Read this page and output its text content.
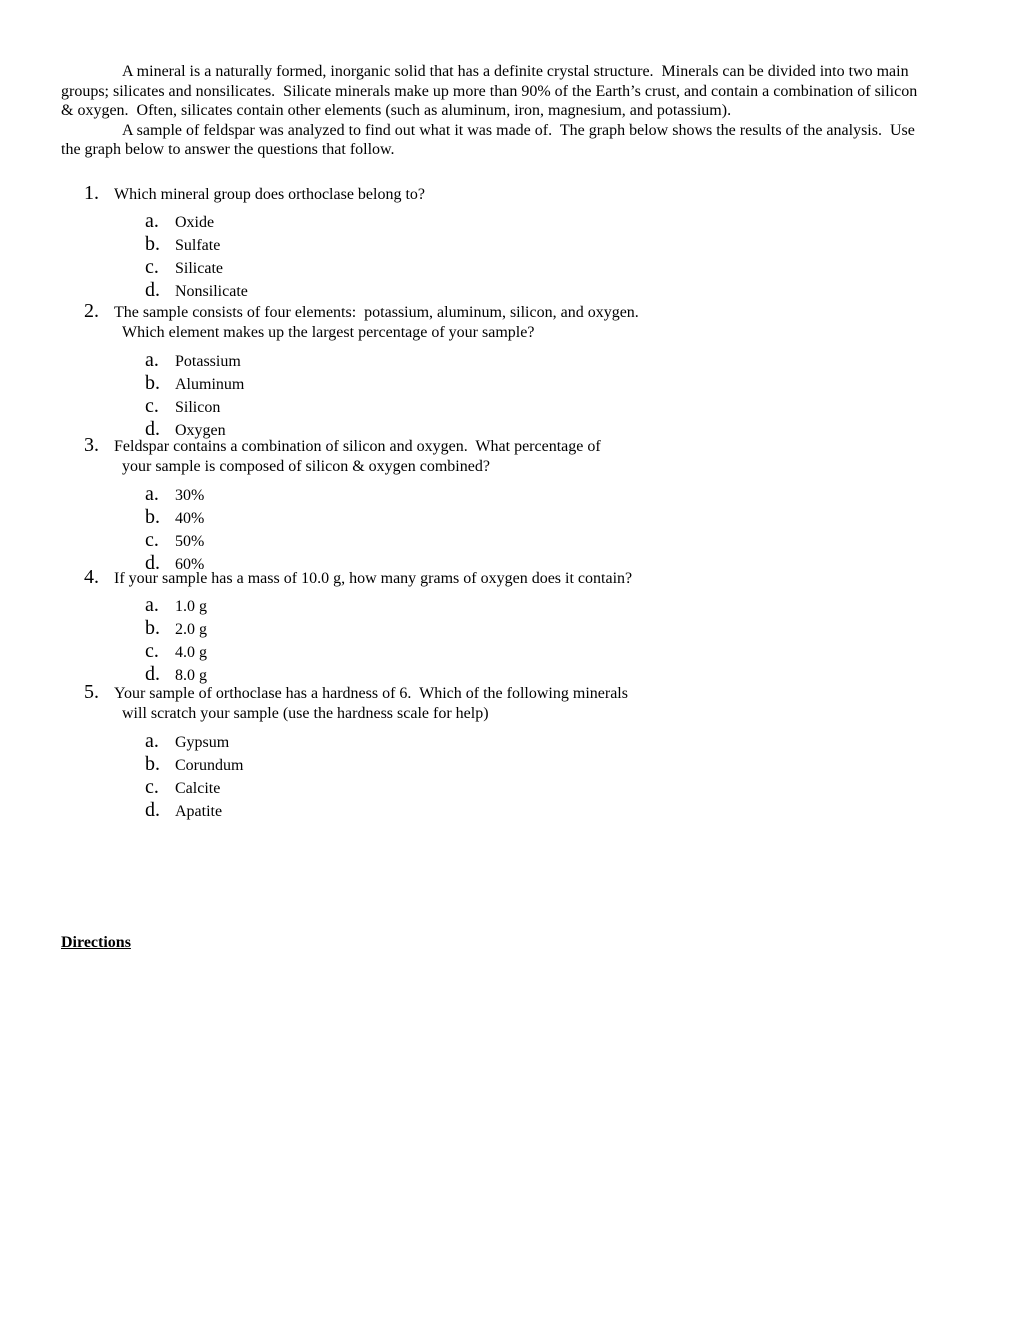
A mineral is a naturally formed, inorganic solid that has a definite crystal structure.  Minerals can be divided into two main
groups; silicates and nonsilicates.  Silicate minerals make up more than 90% of the Earth’s crust, and contain a combination of silicon
& oxygen.  Often, silicates contain other elements (such as aluminum, iron, magnesium, and potassium).
A sample of feldspar was analyzed to find out what it was made of.  The graph below shows the results of the analysis.  Use
the graph below to answer the questions that follow.
1. Which mineral group does orthoclase belong to?
a. Oxide
b. Sulfate
c. Silicate
d. Nonsilicate
2. The sample consists of four elements:  potassium, aluminum, silicon, and oxygen.
Which element makes up the largest percentage of your sample?
a. Potassium
b. Aluminum
c. Silicon
d. Oxygen
3. Feldspar contains a combination of silicon and oxygen.  What percentage of
your sample is composed of silicon & oxygen combined?
a. 30%
b. 40%
c. 50%
d. 60%
4. If your sample has a mass of 10.0 g, how many grams of oxygen does it contain?
a. 1.0 g
b. 2.0 g
c. 4.0 g
d. 8.0 g
5. Your sample of orthoclase has a hardness of 6.  Which of the following minerals
will scratch your sample (use the hardness scale for help)
a. Gypsum
b. Corundum
c. Calcite
d. Apatite
Directions
